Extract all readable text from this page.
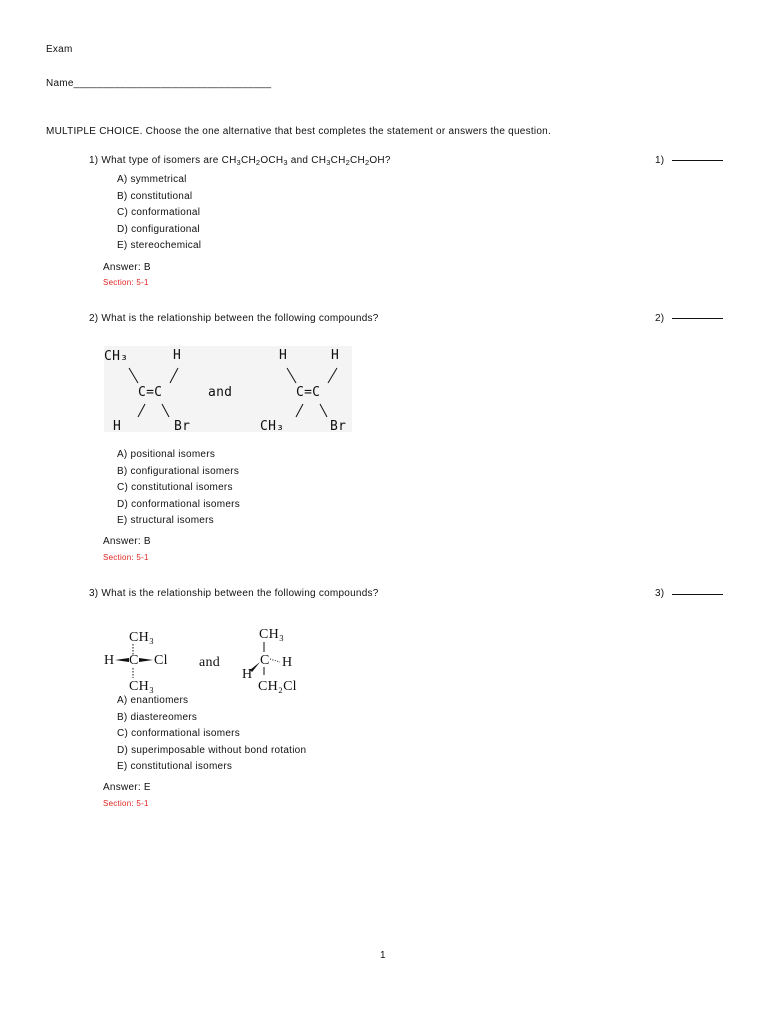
Exam
Name__________________________________
MULTIPLE CHOICE. Choose the one alternative that best completes the statement or answers the question.
1) What type of isomers are $CH_3CH_2OCH_3$ and $CH_3CH_2CH_2OH$?	1)
A) symmetrical
B) constitutional
C) conformational
D) configurational
E) stereochemical
Answer: B
Section: 5-1
2) What is the relationship between the following compounds?	2)
CH₃	H
C=C
H	Br
and
H	H
C=C
CH₃	Br
A) positional isomers
B) configurational isomers
C) constitutional isomers
D) conformational isomers
E) structural isomers
Answer: B
Section: 5-1
3) What is the relationship between the following compounds?	3)
CH₃
H C Cl
CH₃
and
CH₃
C H
H
CH₂Cl
A) enantiomers
B) diastereomers
C) conformational isomers
D) superimposable without bond rotation
E) constitutional isomers
Answer: E
Section: 5-1
1
